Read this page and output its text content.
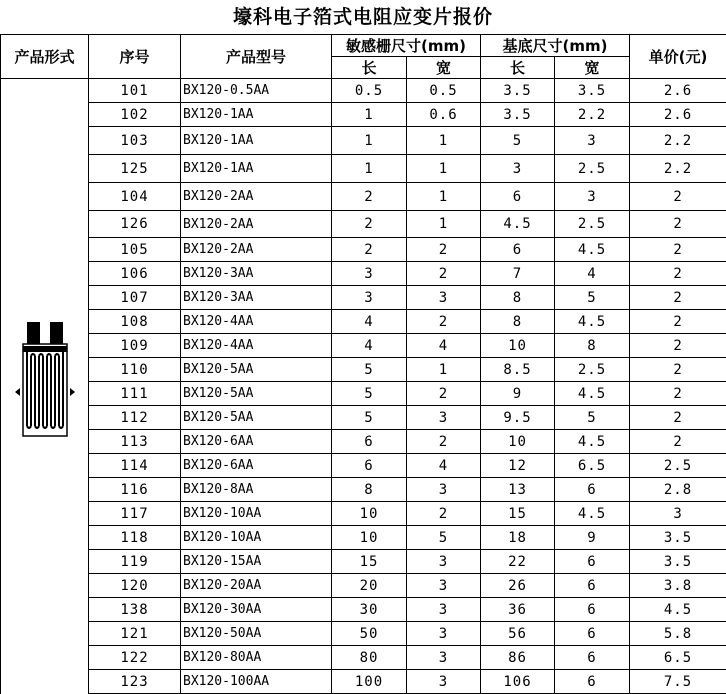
壕科电子箔式电阻应变片报价
产品形式	序号	产品型号	敏感栅尺寸(mm)		基底尺寸(mm)		单价(元)
			长	宽	长	宽	
	101	BX120-0.5AA	0.5	0.5	3.5	3.5	2.6
	102	BX120-1AA	1	0.6	3.5	2.2	2.6
	103	BX120-1AA	1	1	5	3	2.2
	125	BX120-1AA	1	1	3	2.5	2.2
	104	BX120-2AA	2	1	6	3	2
	126	BX120-2AA	2	1	4.5	2.5	2
	105	BX120-2AA	2	2	6	4.5	2
	106	BX120-3AA	3	2	7	4	2
	107	BX120-3AA	3	3	8	5	2
	108	BX120-4AA	4	2	8	4.5	2
	109	BX120-4AA	4	4	10	8	2
	110	BX120-5AA	5	1	8.5	2.5	2
	111	BX120-5AA	5	2	9	4.5	2
	112	BX120-5AA	5	3	9.5	5	2
	113	BX120-6AA	6	2	10	4.5	2
	114	BX120-6AA	6	4	12	6.5	2.5
	116	BX120-8AA	8	3	13	6	2.8
	117	BX120-10AA	10	2	15	4.5	3
	118	BX120-10AA	10	5	18	9	3.5
	119	BX120-15AA	15	3	22	6	3.5
	120	BX120-20AA	20	3	26	6	3.8
	138	BX120-30AA	30	3	36	6	4.5
	121	BX120-50AA	50	3	56	6	5.8
	122	BX120-80AA	80	3	86	6	6.5
	123	BX120-100AA	100	3	106	6	7.5
